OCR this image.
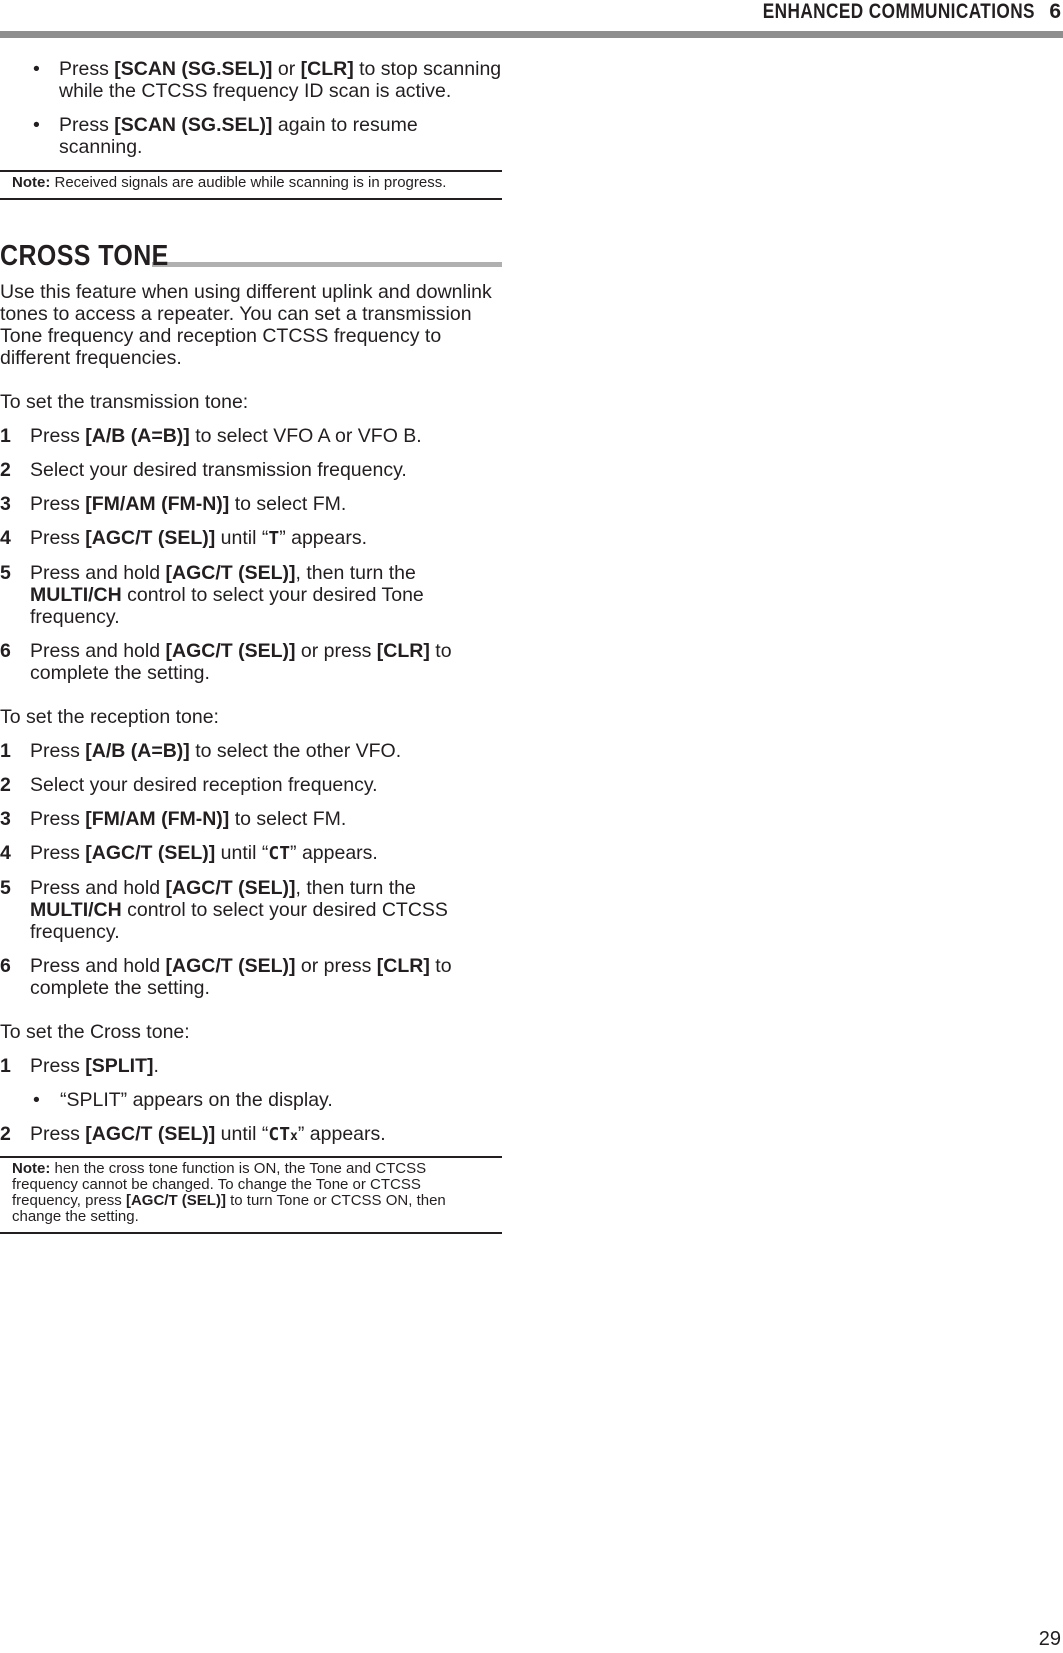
ENHANCED COMMUNICATIONS 6

• Press [SCAN (SG.SEL)] or [CLR] to stop scanning while the CTCSS frequency ID scan is active.

• Press [SCAN (SG.SEL)] again to resume scanning.

Note: Received signals are audible while scanning is in progress.
CROSS TONE

Use this feature when using different uplink and downlink tones to access a repeater. You can set a transmission Tone frequency and reception CTCSS frequency to different frequencies.

To set the transmission tone:

1 Press [A/B (A=B)] to select VFO A or VFO B.

2 Select your desired transmission frequency.

3 Press [FM/AM (FM-N)] to select FM.

4 Press [AGC/T (SEL)] until “T” appears.

5 Press and hold [AGC/T (SEL)], then turn the MULTI/CH control to select your desired Tone frequency.

6 Press and hold [AGC/T (SEL)] or press [CLR] to complete the setting.

To set the reception tone:

1 Press [A/B (A=B)] to select the other VFO.

2 Select your desired reception frequency.

3 Press [FM/AM (FM-N)] to select FM.

4 Press [AGC/T (SEL)] until “CT” appears.

5 Press and hold [AGC/T (SEL)], then turn the MULTI/CH control to select your desired CTCSS frequency.

6 Press and hold [AGC/T (SEL)] or press [CLR] to complete the setting.

To set the Cross tone:

1 Press [SPLIT].

• “SPLIT” appears on the display.

2 Press [AGC/T (SEL)] until “CTx” appears.

Note: hen the cross tone function is ON, the Tone and CTCSS frequency cannot be changed. To change the Tone or CTCSS frequency, press [AGC/T (SEL)] to turn Tone or CTCSS ON, then change the setting.
29
